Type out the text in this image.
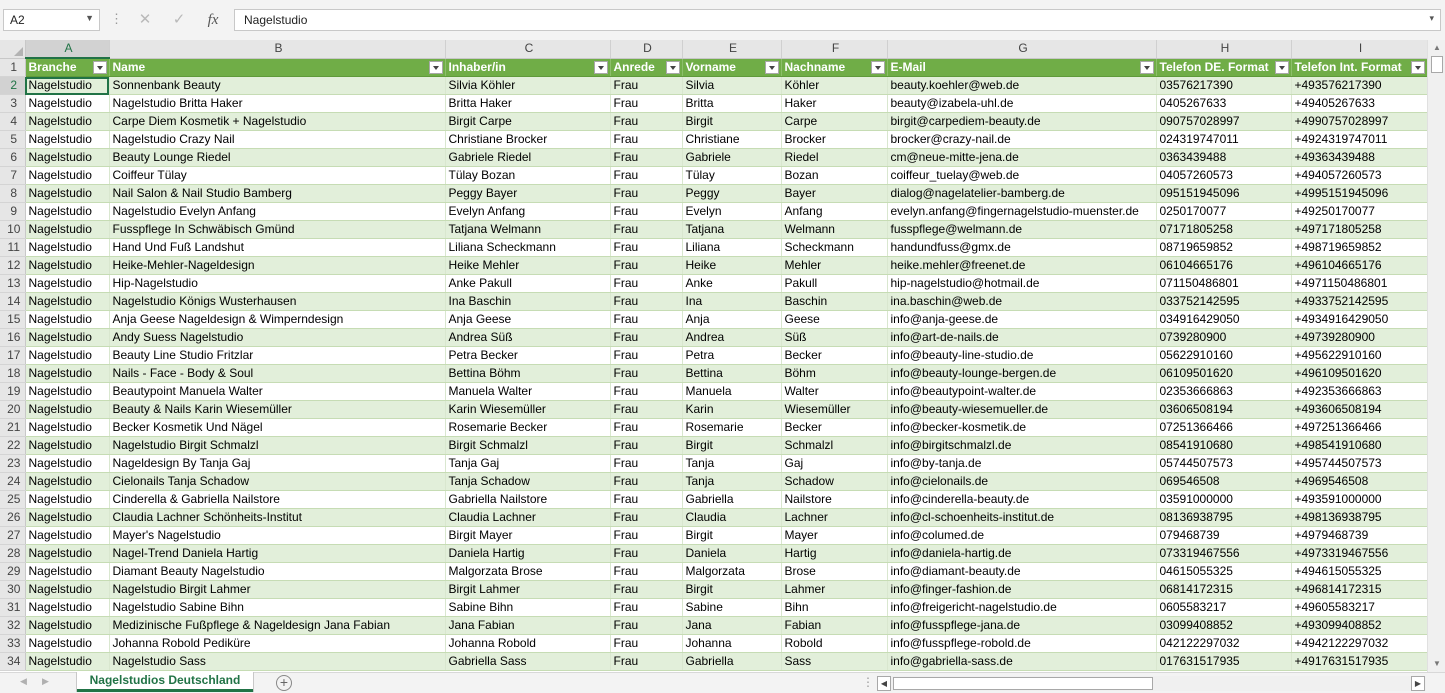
A2	▼ ⋮	✕	✓	fx	Nagelstudio	▾
	A	B	C	D	E	F	G	H	I
1	Branche	Name	Inhaber/in	Anrede	Vorname	Nachname	E-Mail	Telefon DE. Format	Telefon Int. Format

2	Nagelstudio	Sonnenbank Beauty	Silvia Köhler	Frau	Silvia	Köhler	beauty.koehler@web.de	03576217390	+493576217390
3	Nagelstudio	Nagelstudio Britta Haker	Britta Haker	Frau	Britta	Haker	beauty@izabela-uhl.de	0405267633	+49405267633
4	Nagelstudio	Carpe Diem Kosmetik + Nagelstudio	Birgit Carpe	Frau	Birgit	Carpe	birgit@carpediem-beauty.de	090757028997	+4990757028997
5	Nagelstudio	Nagelstudio Crazy Nail	Christiane Brocker	Frau	Christiane	Brocker	brocker@crazy-nail.de	024319747011	+4924319747011
6	Nagelstudio	Beauty Lounge Riedel	Gabriele Riedel	Frau	Gabriele	Riedel	cm@neue-mitte-jena.de	0363439488	+49363439488
7	Nagelstudio	Coiffeur Tülay	Tülay Bozan	Frau	Tülay	Bozan	coiffeur_tuelay@web.de	04057260573	+494057260573
8	Nagelstudio	Nail Salon & Nail Studio Bamberg	Peggy Bayer	Frau	Peggy	Bayer	dialog@nagelatelier-bamberg.de	095151945096	+4995151945096
9	Nagelstudio	Nagelstudio Evelyn Anfang	Evelyn Anfang	Frau	Evelyn	Anfang	evelyn.anfang@fingernagelstudio-muenster.de	0250170077	+49250170077
10	Nagelstudio	Fusspflege In Schwäbisch Gmünd	Tatjana Welmann	Frau	Tatjana	Welmann	fusspflege@welmann.de	07171805258	+497171805258
11	Nagelstudio	Hand Und Fuß Landshut	Liliana Scheckmann	Frau	Liliana	Scheckmann	handundfuss@gmx.de	08719659852	+498719659852
12	Nagelstudio	Heike-Mehler-Nageldesign	Heike Mehler	Frau	Heike	Mehler	heike.mehler@freenet.de	06104665176	+496104665176
13	Nagelstudio	Hip-Nagelstudio	Anke Pakull	Frau	Anke	Pakull	hip-nagelstudio@hotmail.de	071150486801	+4971150486801
14	Nagelstudio	Nagelstudio Königs Wusterhausen	Ina Baschin	Frau	Ina	Baschin	ina.baschin@web.de	033752142595	+4933752142595
15	Nagelstudio	Anja Geese Nageldesign & Wimperndesign	Anja Geese	Frau	Anja	Geese	info@anja-geese.de	034916429050	+4934916429050
16	Nagelstudio	Andy Suess Nagelstudio	Andrea Süß	Frau	Andrea	Süß	info@art-de-nails.de	0739280900	+49739280900
17	Nagelstudio	Beauty Line Studio Fritzlar	Petra Becker	Frau	Petra	Becker	info@beauty-line-studio.de	05622910160	+495622910160
18	Nagelstudio	Nails - Face - Body & Soul	Bettina Böhm	Frau	Bettina	Böhm	info@beauty-lounge-bergen.de	06109501620	+496109501620
19	Nagelstudio	Beautypoint Manuela Walter	Manuela Walter	Frau	Manuela	Walter	info@beautypoint-walter.de	02353666863	+492353666863
20	Nagelstudio	Beauty & Nails Karin Wiesemüller	Karin Wiesemüller	Frau	Karin	Wiesemüller	info@beauty-wiesemueller.de	03606508194	+493606508194
21	Nagelstudio	Becker Kosmetik Und Nägel	Rosemarie Becker	Frau	Rosemarie	Becker	info@becker-kosmetik.de	07251366466	+497251366466
22	Nagelstudio	Nagelstudio Birgit Schmalzl	Birgit Schmalzl	Frau	Birgit	Schmalzl	info@birgitschmalzl.de	08541910680	+498541910680
23	Nagelstudio	Nageldesign By Tanja Gaj	Tanja Gaj	Frau	Tanja	Gaj	info@by-tanja.de	05744507573	+495744507573
24	Nagelstudio	Cielonails Tanja Schadow	Tanja Schadow	Frau	Tanja	Schadow	info@cielonails.de	069546508	+4969546508
25	Nagelstudio	Cinderella & Gabriella Nailstore	Gabriella Nailstore	Frau	Gabriella	Nailstore	info@cinderella-beauty.de	03591000000	+493591000000
26	Nagelstudio	Claudia Lachner Schönheits-Institut	Claudia Lachner	Frau	Claudia	Lachner	info@cl-schoenheits-institut.de	08136938795	+498136938795
27	Nagelstudio	Mayer's Nagelstudio	Birgit Mayer	Frau	Birgit	Mayer	info@columed.de	079468739	+4979468739
28	Nagelstudio	Nagel-Trend Daniela Hartig	Daniela Hartig	Frau	Daniela	Hartig	info@daniela-hartig.de	073319467556	+4973319467556
29	Nagelstudio	Diamant Beauty Nagelstudio	Malgorzata Brose	Frau	Malgorzata	Brose	info@diamant-beauty.de	04615055325	+494615055325
30	Nagelstudio	Nagelstudio Birgit Lahmer	Birgit Lahmer	Frau	Birgit	Lahmer	info@finger-fashion.de	06814172315	+496814172315
31	Nagelstudio	Nagelstudio Sabine Bihn	Sabine Bihn	Frau	Sabine	Bihn	info@freigericht-nagelstudio.de	0605583217	+49605583217
32	Nagelstudio	Medizinische Fußpflege & Nageldesign Jana Fabian	Jana Fabian	Frau	Jana	Fabian	info@fusspflege-jana.de	03099408852	+493099408852
33	Nagelstudio	Johanna Robold Pediküre	Johanna Robold	Frau	Johanna	Robold	info@fusspflege-robold.de	042122297032	+4942122297032
34	Nagelstudio	Nagelstudio Sass	Gabriella Sass	Frau	Gabriella	Sass	info@gabriella-sass.de	017631517935	+4917631517935
▲
▼
◀ ▶	Nagelstudios Deutschland	+	⋮ ◀	▶
